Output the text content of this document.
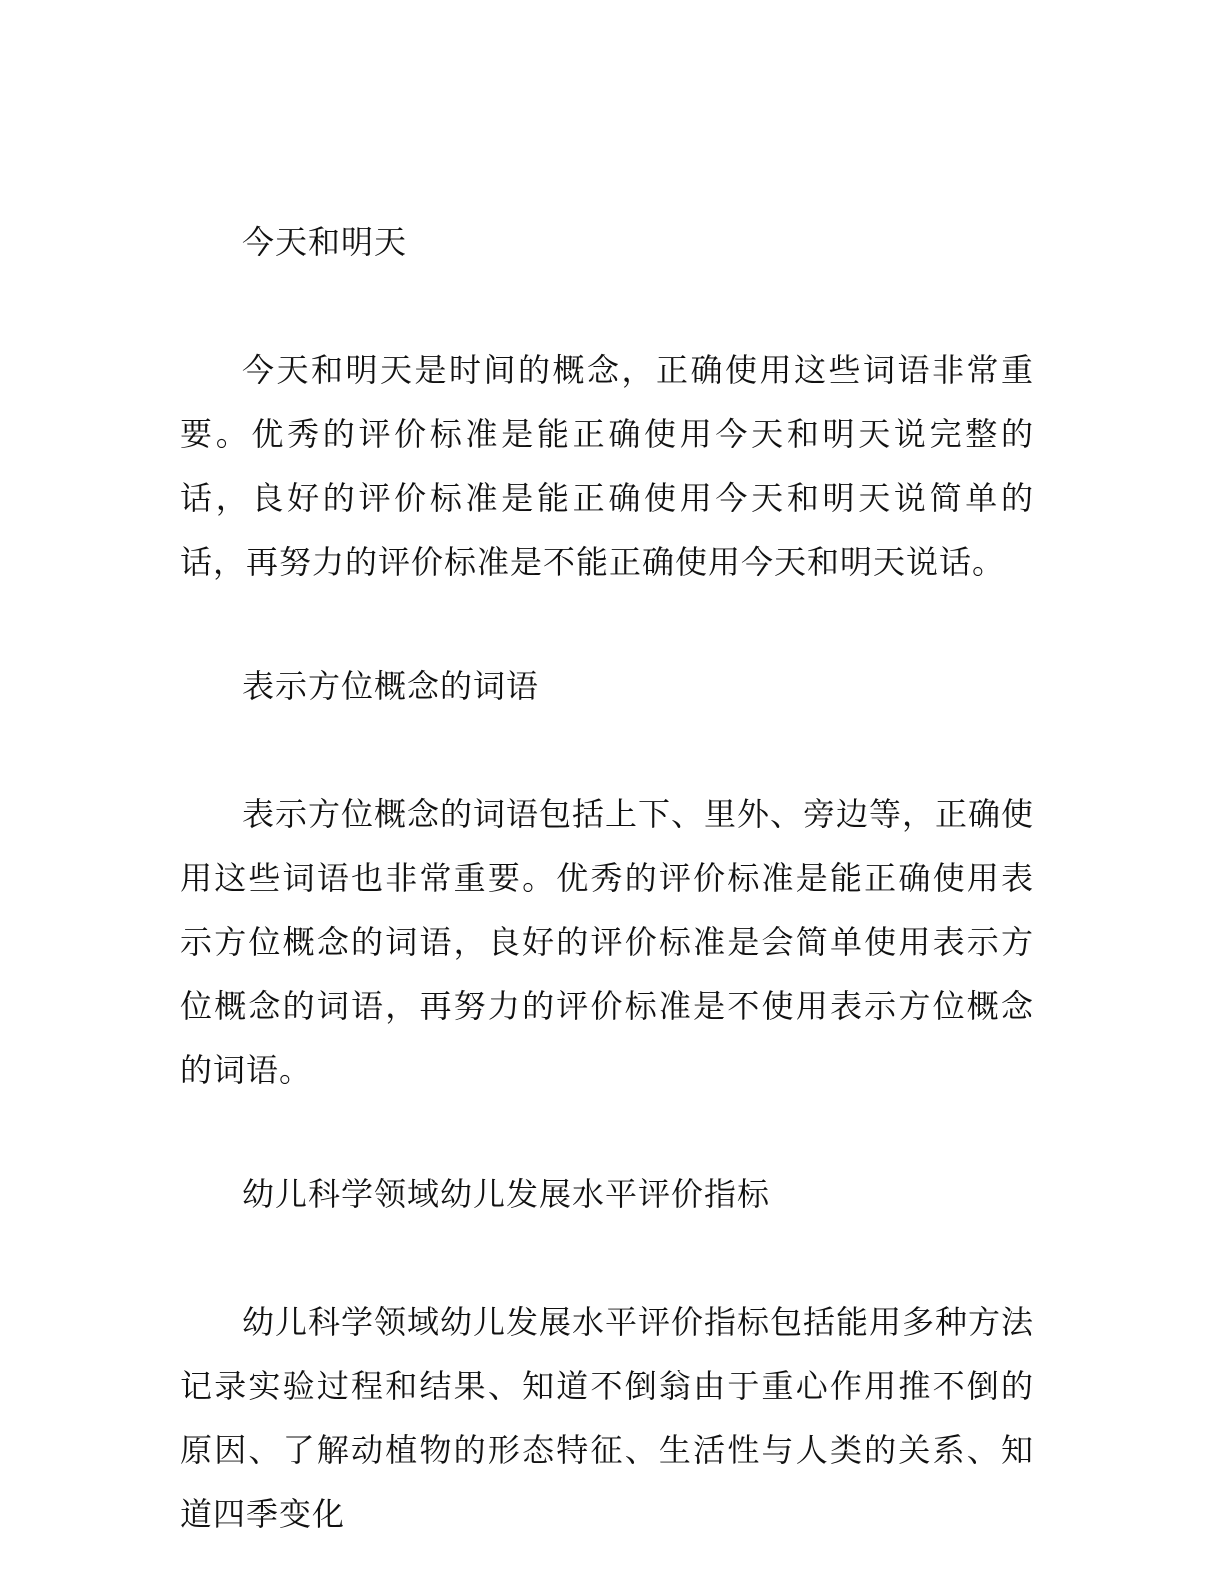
今天和明天

今天和明天是时间的概念，正确使用这些词语非常重要。优秀的评价标准是能正确使用今天和明天说完整的话，良好的评价标准是能正确使用今天和明天说简单的话，再努力的评价标准是不能正确使用今天和明天说话。

表示方位概念的词语

表示方位概念的词语包括上下、里外、旁边等，正确使用这些词语也非常重要。优秀的评价标准是能正确使用表示方位概念的词语，良好的评价标准是会简单使用表示方位概念的词语，再努力的评价标准是不使用表示方位概念的词语。

幼儿科学领域幼儿发展水平评价指标

幼儿科学领域幼儿发展水平评价指标包括能用多种方法记录实验过程和结果、知道不倒翁由于重心作用推不倒的原因、了解动植物的形态特征、生活性与人类的关系、知道四季变化
